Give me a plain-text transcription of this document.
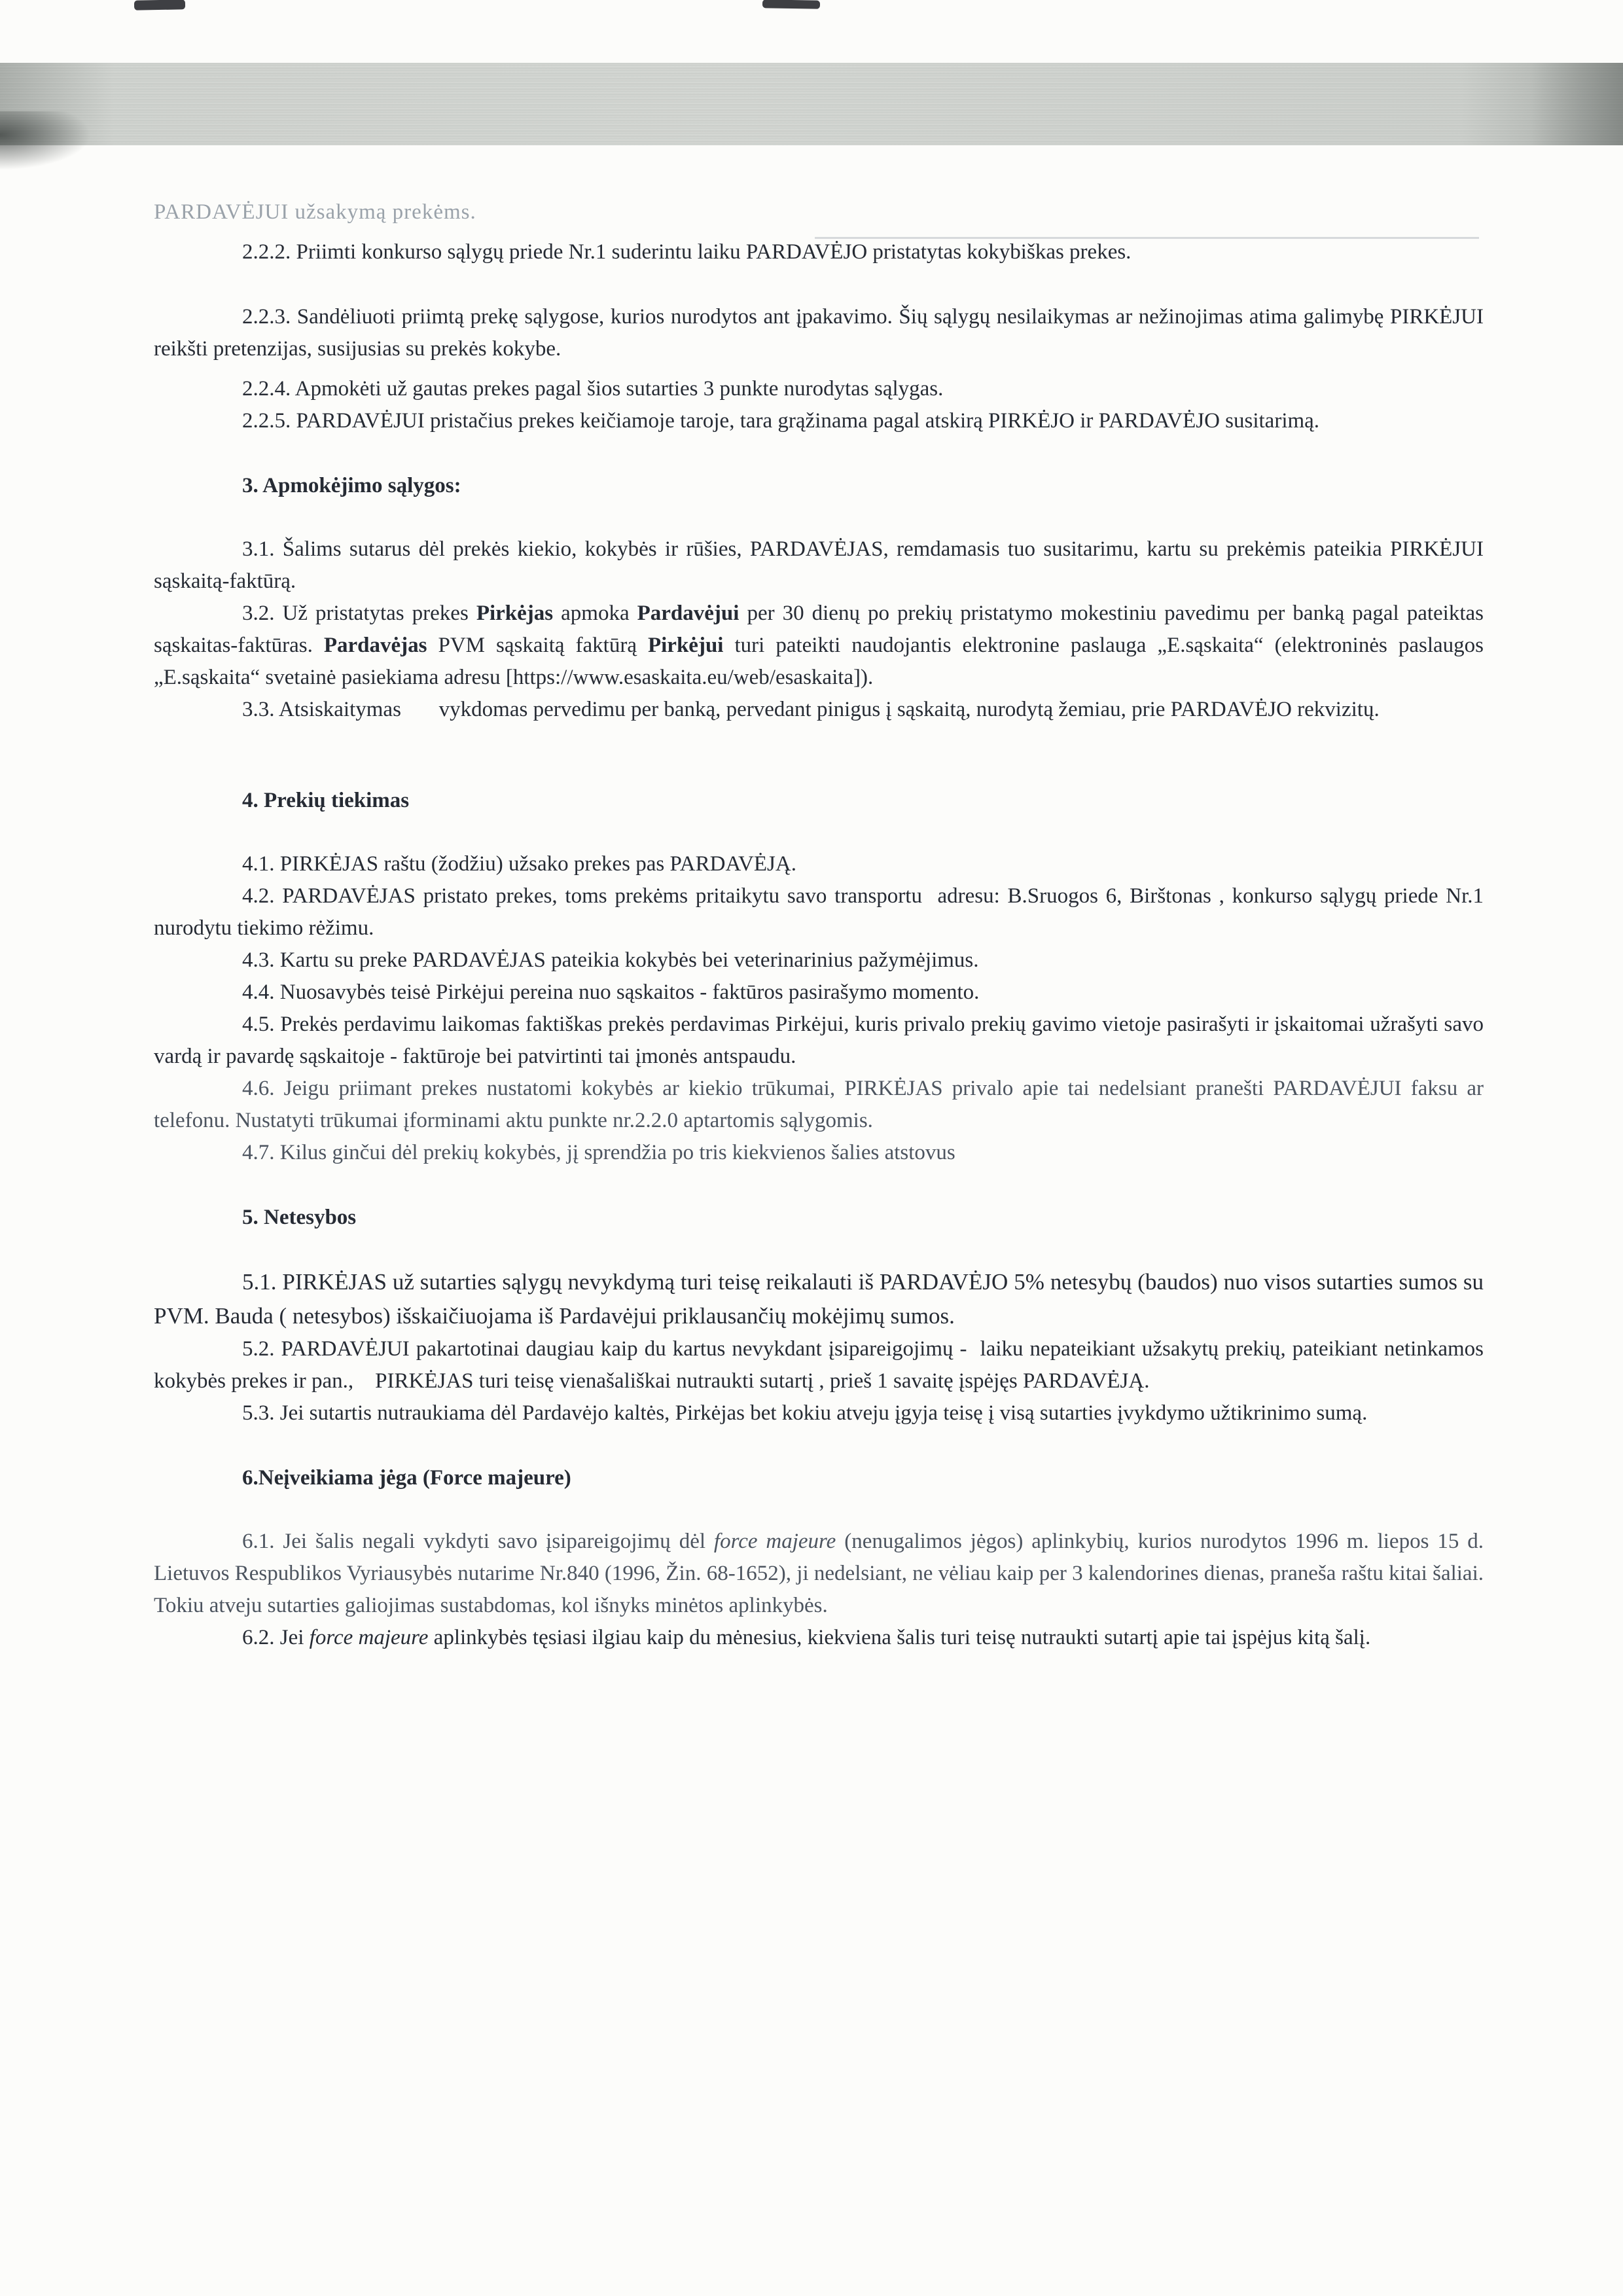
PARDAVĖJUI užsakymą prekėms.

2.2.2. Priimti konkurso sąlygų priede Nr.1 suderintu laiku PARDAVĖJO pristatytas kokybiškas prekes.

2.2.3. Sandėliuoti priimtą prekę sąlygose, kurios nurodytos ant įpakavimo. Šių sąlygų nesilaikymas ar nežinojimas atima galimybę PIRKĖJUI reikšti pretenzijas, susijusias su prekės kokybe.

2.2.4. Apmokėti už gautas prekes pagal šios sutarties 3 punkte nurodytas sąlygas.

2.2.5. PARDAVĖJUI pristačius prekes keičiamoje taroje, tara grąžinama pagal atskirą PIRKĖJO ir PARDAVĖJO susitarimą.

3. Apmokėjimo sąlygos:

3.1. Šalims sutarus dėl prekės kiekio, kokybės ir rūšies, PARDAVĖJAS, remdamasis tuo susitarimu, kartu su prekėmis pateikia PIRKĖJUI sąskaitą-faktūrą.

3.2. Už pristatytas prekes Pirkėjas apmoka Pardavėjui per 30 dienų po prekių pristatymo mokestiniu pavedimu per banką pagal pateiktas sąskaitas-faktūras. Pardavėjas PVM sąskaitą faktūrą Pirkėjui turi pateikti naudojantis elektronine paslauga „E.sąskaita“ (elektroninės paslaugos „E.sąskaita“ svetainė pasiekiama adresu [https://www.esaskaita.eu/web/esaskaita]).

3.3. Atsiskaitymas       vykdomas pervedimu per banką, pervedant pinigus į sąskaitą, nurodytą žemiau, prie PARDAVĖJO rekvizitų.

4. Prekių tiekimas

4.1. PIRKĖJAS raštu (žodžiu) užsako prekes pas PARDAVĖJĄ.

4.2. PARDAVĖJAS pristato prekes, toms prekėms pritaikytu savo transportu  adresu: B.Sruogos 6, Birštonas , konkurso sąlygų priede Nr.1 nurodytu tiekimo rėžimu.

4.3. Kartu su preke PARDAVĖJAS pateikia kokybės bei veterinarinius pažymėjimus.

4.4. Nuosavybės teisė Pirkėjui pereina nuo sąskaitos - faktūros pasirašymo momento.

4.5. Prekės perdavimu laikomas faktiškas prekės perdavimas Pirkėjui, kuris privalo prekių gavimo vietoje pasirašyti ir įskaitomai užrašyti savo vardą ir pavardę sąskaitoje - faktūroje bei patvirtinti tai įmonės antspaudu.

4.6. Jeigu priimant prekes nustatomi kokybės ar kiekio trūkumai, PIRKĖJAS privalo apie tai nedelsiant pranešti PARDAVĖJUI faksu ar telefonu. Nustatyti trūkumai įforminami aktu punkte nr.2.2.0 aptartomis sąlygomis.

4.7. Kilus ginčui dėl prekių kokybės, jį sprendžia po tris kiekvienos šalies atstovus

5. Netesybos

5.1. PIRKĖJAS už sutarties sąlygų nevykdymą turi teisę reikalauti iš PARDAVĖJO 5% netesybų (baudos) nuo visos sutarties sumos su PVM. Bauda ( netesybos) išskaičiuojama iš Pardavėjui priklausančių mokėjimų sumos.

5.2. PARDAVĖJUI pakartotinai daugiau kaip du kartus nevykdant įsipareigojimų -  laiku nepateikiant užsakytų prekių, pateikiant netinkamos kokybės prekes ir pan.,    PIRKĖJAS turi teisę vienašališkai nutraukti sutartį , prieš 1 savaitę įspėjęs PARDAVĖJĄ.

5.3. Jei sutartis nutraukiama dėl Pardavėjo kaltės, Pirkėjas bet kokiu atveju įgyja teisę į visą sutarties įvykdymo užtikrinimo sumą.

6.Neįveikiama jėga (Force majeure)

6.1. Jei šalis negali vykdyti savo įsipareigojimų dėl force majeure (nenugalimos jėgos) aplinkybių, kurios nurodytos 1996 m. liepos 15 d. Lietuvos Respublikos Vyriausybės nutarime Nr.840 (1996, Žin. 68-1652), ji nedelsiant, ne vėliau kaip per 3 kalendorines dienas, praneša raštu kitai šaliai. Tokiu atveju sutarties galiojimas sustabdomas, kol išnyks minėtos aplinkybės.

6.2. Jei force majeure aplinkybės tęsiasi ilgiau kaip du mėnesius, kiekviena šalis turi teisę nutraukti sutartį apie tai įspėjus kitą šalį.
